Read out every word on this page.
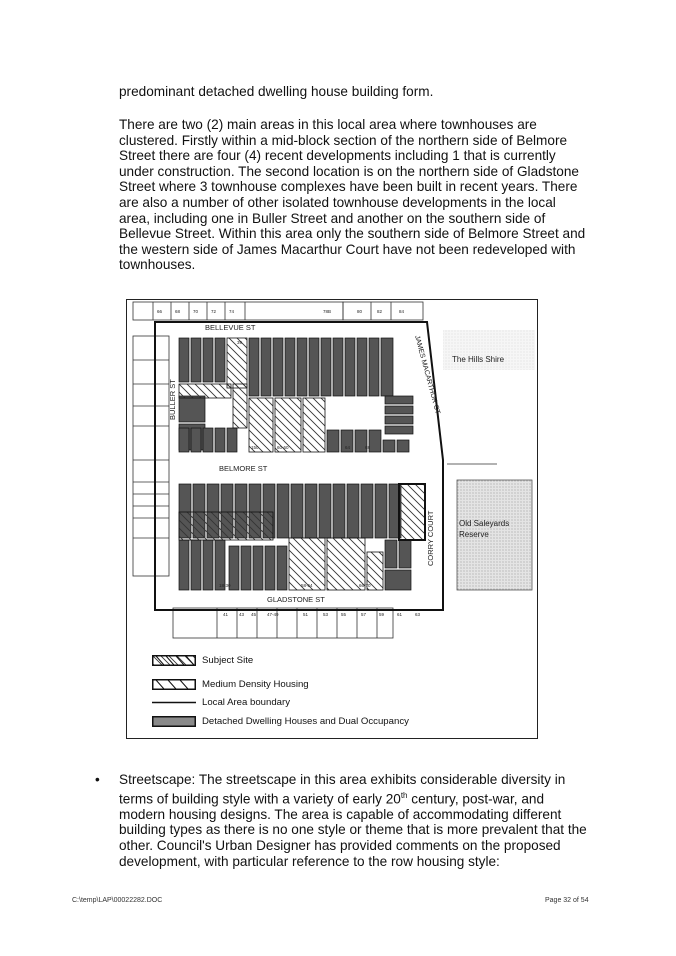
predominant detached dwelling house building form.

There are two (2) main areas in this local area where townhouses are clustered. Firstly within a mid-block section of the northern side of Belmore Street there are four (4) recent developments including 1 that is currently under construction. The second location is on the northern side of Gladstone Street where 3 townhouse complexes have been built in recent years. There are also a number of other isolated townhouse developments in the local area, including one in Buller Street and another on the southern side of Bellevue Street. Within this area only the southern side of Belmore Street and the western side of James Macarthur Court have not been redeveloped with townhouses.

BELLEVUE ST
BELMORE ST
GLADSTONE ST
BULLER ST
CORRY COURT
JAMES MACARTHUR CT The Hills Shire
Old Saleyards
Reserve
66	68	70	72	74	78B	80	82	84
41 43 45 47-49	51	53	55	57	59	61	63
39
150	60-60	64	68
18-30	58-64	66-70
Subject Site
Medium Density Housing
Local Area boundary
Detached Dwelling Houses and Dual Occupancy
• Streetscape: The streetscape in this area exhibits considerable diversity in terms of building style with a variety of early 20th century, post-war, and modern housing designs. The area is capable of accommodating different building types as there is no one style or theme that is more prevalent that the other. Council's Urban Designer has provided comments on the proposed development, with particular reference to the row housing style:
C:\temp\LAP\00022282.DOC	Page 32 of 54
